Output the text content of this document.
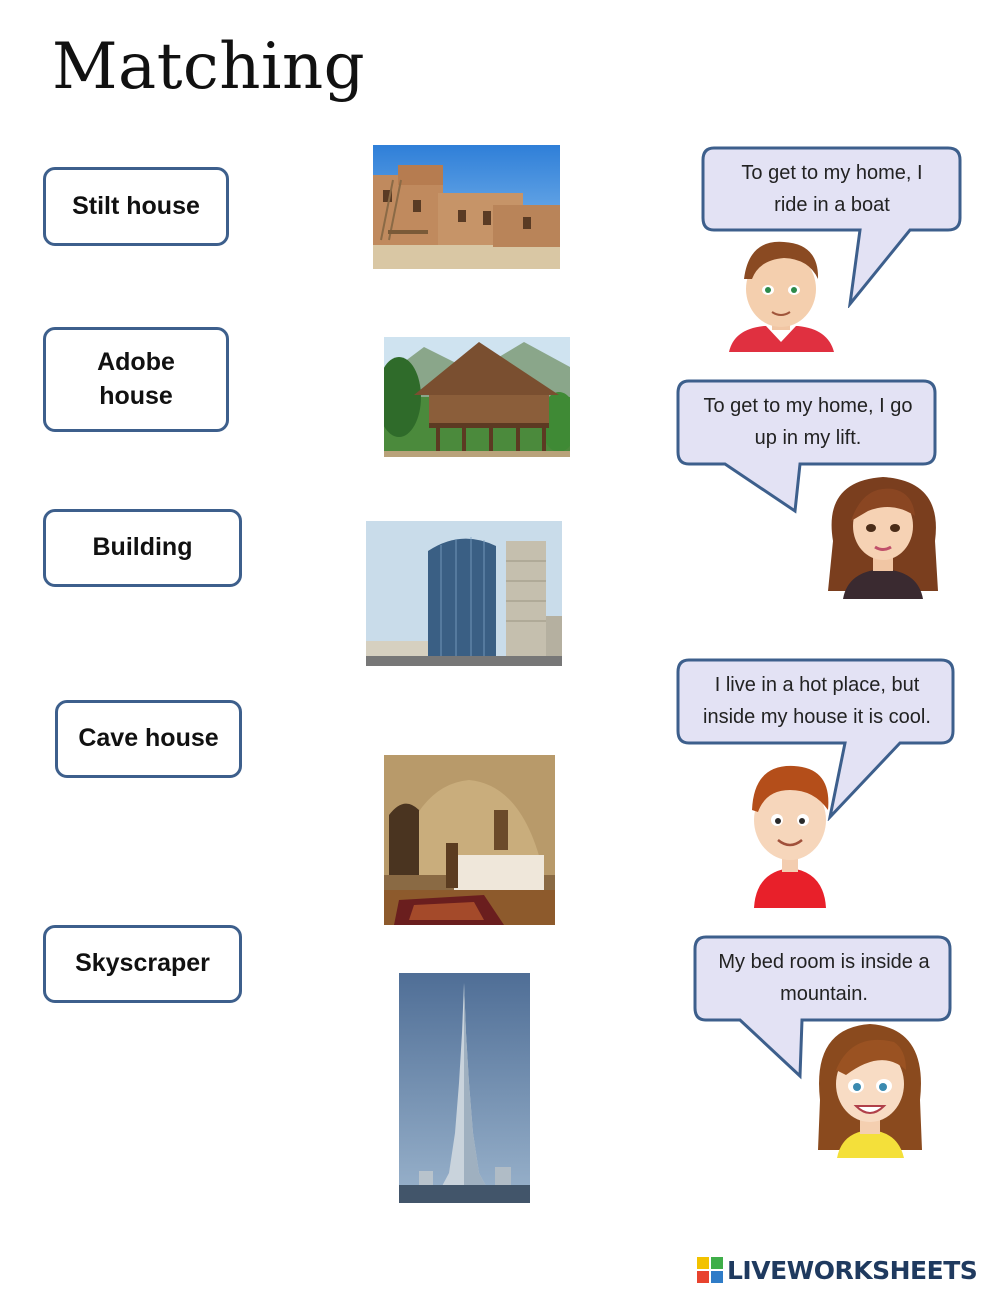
Matching
Stilt house
Adobe house
Building
Cave house
Skyscraper
To get to my home, I ride in a boat
To get to my home, I go up in my lift.
I live in a hot place, but inside my house it is cool.
My bed room is inside a mountain.
LIVEWORKSHEETS
